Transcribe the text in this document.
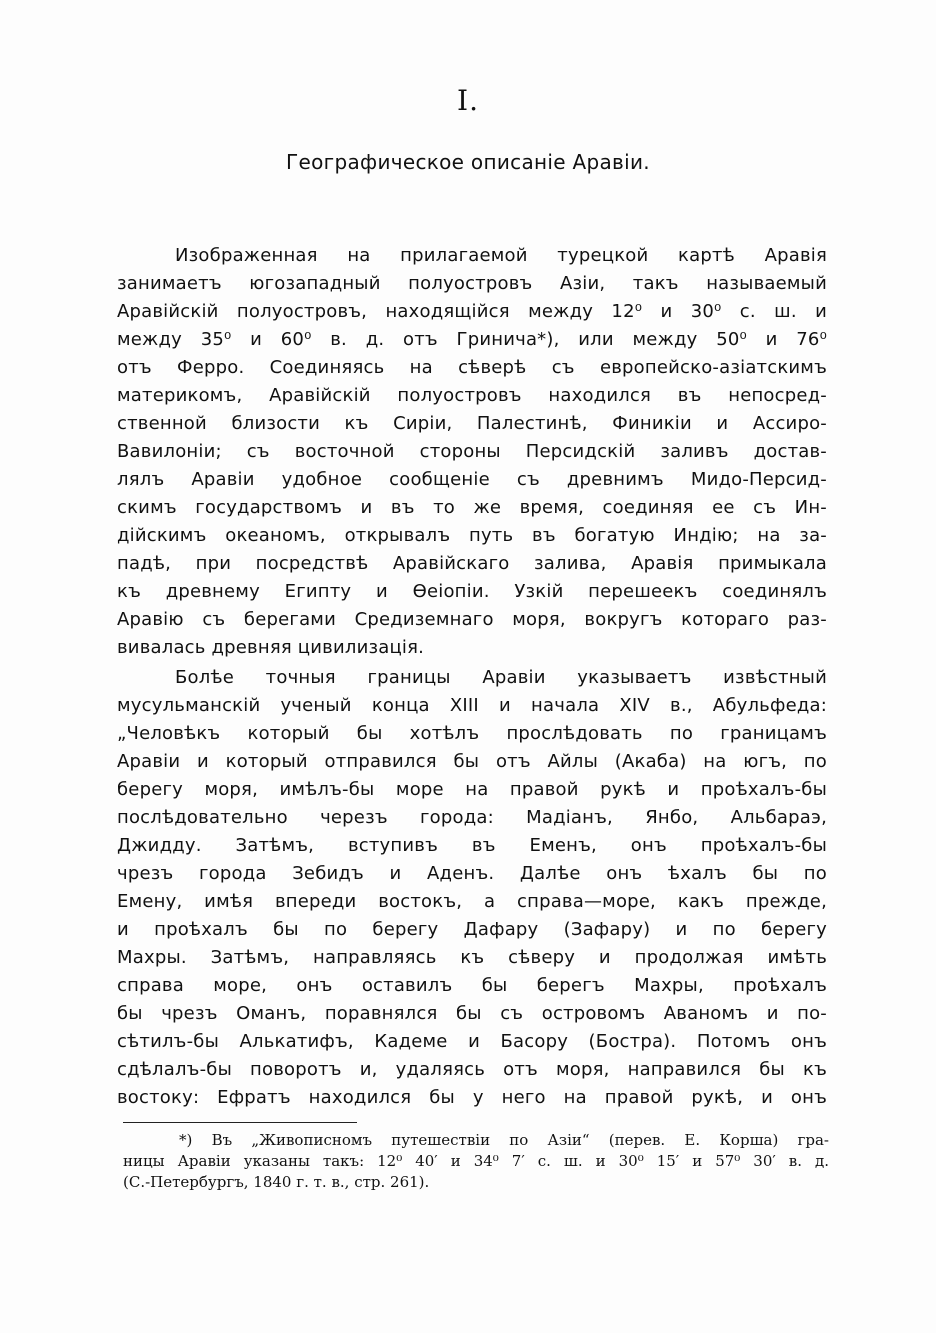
I.
Географическое описаніе Аравіи.
Изображенная на прилагаемой турецкой картѣ Аравія
занимаетъ югозападный полуостровъ Азіи, такъ называемый
Аравійскій полуостровъ, находящійся между 12⁰ и 30⁰ с. ш. и
между 35⁰ и 60⁰ в. д. отъ Гринича*), или между 50⁰ и 76⁰
отъ Ферро. Соединяясь на сѣверѣ съ европейско-азіатскимъ
материкомъ, Аравійскій полуостровъ находился въ непосред-
ственной близости къ Сиріи, Палестинѣ, Финикіи и Ассиро-
Вавилоніи; съ восточной стороны Персидскій заливъ достав-
лялъ Аравіи удобное сообщеніе съ древнимъ Мидо-Персид-
скимъ государствомъ и въ то же время, соединяя ее съ Ин-
дійскимъ океаномъ, открывалъ путь въ богатую Индію; на за-
падѣ, при посредствѣ Аравійскаго залива, Аравія примыкала
къ древнему Египту и Ѳеіопіи. Узкій перешеекъ соединялъ
Аравію съ берегами Средиземнаго моря, вокругъ котораго раз-
вивалась древняя цивилизація.
Болѣе точныя границы Аравіи указываетъ извѣстный
мусульманскій ученый конца XIII и начала XIV в., Абульфеда:
„Человѣкъ который бы хотѣлъ прослѣдовать по границамъ
Аравіи и который отправился бы отъ Айлы (Акаба) на югъ, по
берегу моря, имѣлъ-бы море на правой рукѣ и проѣхалъ-бы
послѣдовательно черезъ города: Мадіанъ, Янбо, Альбараэ,
Джидду. Затѣмъ, вступивъ въ Еменъ, онъ проѣхалъ-бы
чрезъ города Зебидъ и Аденъ. Далѣе онъ ѣхалъ бы по
Емену, имѣя впереди востокъ, а справа—море, какъ прежде,
и проѣхалъ бы по берегу Дафару (Зафару) и по берегу
Махры. Затѣмъ, направляясь къ сѣверу и продолжая имѣть
справа море, онъ оставилъ бы берегъ Махры, проѣхалъ
бы чрезъ Оманъ, поравнялся бы съ островомъ Аваномъ и по-
сѣтилъ-бы Алькатифъ, Кадеме и Басору (Бостра). Потомъ онъ
сдѣлалъ-бы поворотъ и, удаляясь отъ моря, направился бы къ
востоку: Ефратъ находился бы у него на правой рукѣ, и онъ
*) Въ „Живописномъ путешествіи по Азіи“ (перев. Е. Корша) гра-
ницы Аравіи указаны такъ: 12⁰ 40′ и 34⁰ 7′ с. ш. и 30⁰ 15′ и 57⁰ 30′ в. д.
(С.-Петербургъ, 1840 г. т. в., стр. 261).
